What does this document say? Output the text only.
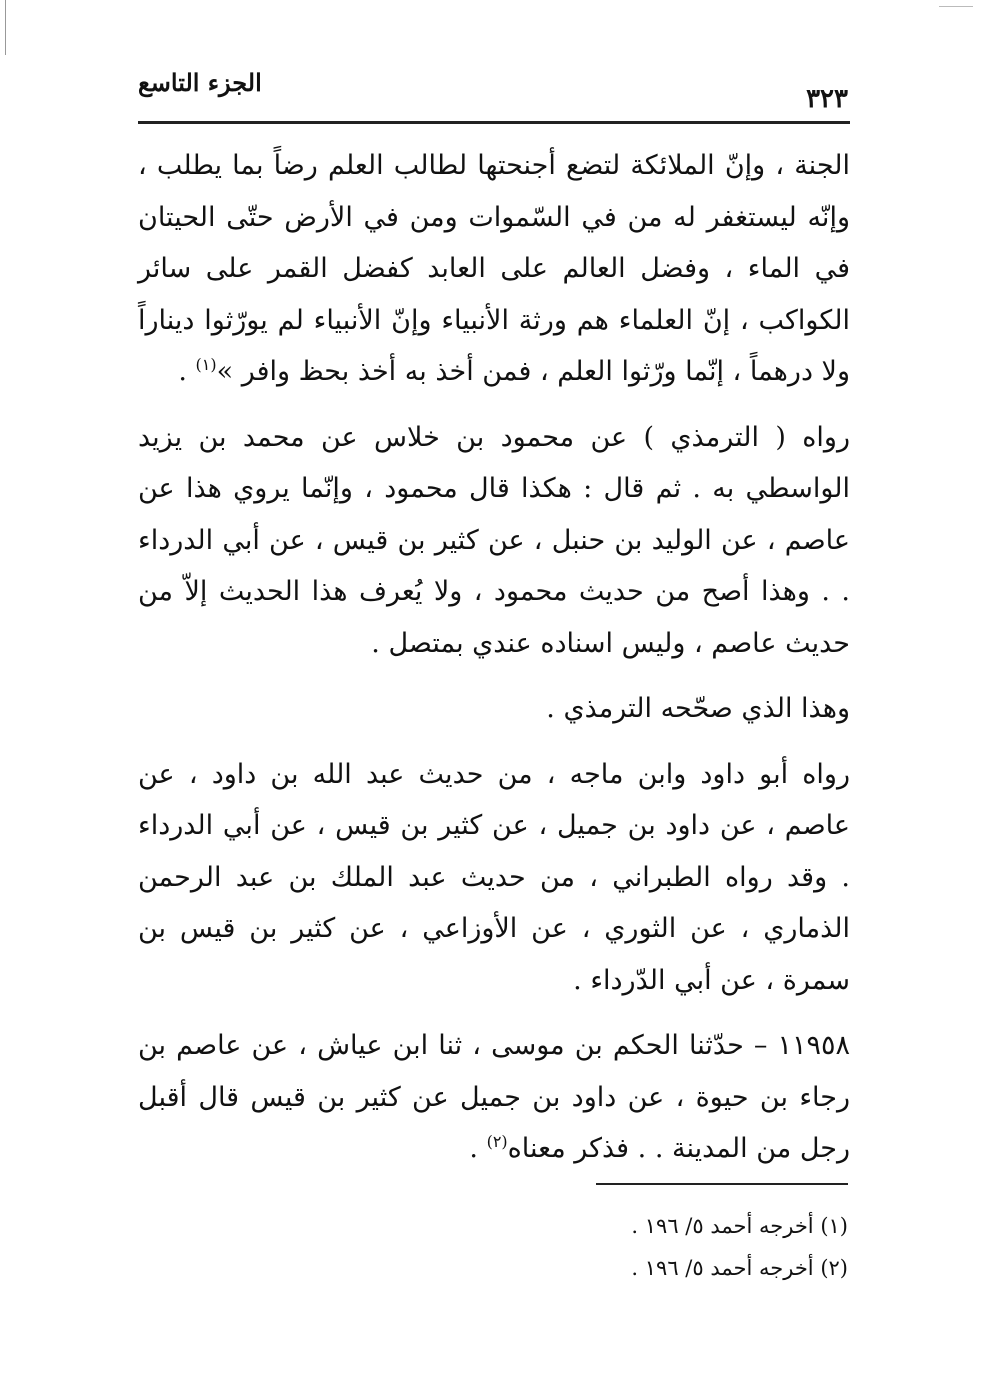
الجزء التاسع
٣٢٣

الجنة ، وإنّ الملائكة لتضع أجنحتها لطالب العلم رضاً بما يطلب ، وإنّه ليستغفر له من في السّموات ومن في الأرض حتّى الحيتان في الماء ، وفضل العالم على العابد كفضل القمر على سائر الكواكب ، إنّ العلماء هم ورثة الأنبياء وإنّ الأنبياء لم يورّثوا ديناراً ولا درهماً ، إنّما ورّثوا العلم ، فمن أخذ به أخذ بحظ وافر »$^{(١)}$ .

رواه ( الترمذي ) عن محمود بن خلاس عن محمد بن يزيد الواسطي به . ثم قال : هكذا قال محمود ، وإنّما يروي هذا عن عاصم ، عن الوليد بن حنبل ، عن كثير بن قيس ، عن أبي الدرداء . . وهذا أصح من حديث محمود ، ولا يُعرف هذا الحديث إلاّ من حديث عاصم ، وليس اسناده عندي بمتصل .

وهذا الذي صحّحه الترمذي .

رواه أبو داود وابن ماجه ، من حديث عبد الله بن داود ، عن عاصم ، عن داود بن جميل ، عن كثير بن قيس ، عن أبي الدرداء . وقد رواه الطبراني ، من حديث عبد الملك بن عبد الرحمن الذماري ، عن الثوري ، عن الأوزاعي ، عن كثير بن قيس بن سمرة ، عن أبي الدّرداء .

١١٩٥٨ – حدّثنا الحكم بن موسى ، ثنا ابن عياش ، عن عاصم بن رجاء بن حيوة ، عن داود بن جميل عن كثير بن قيس قال أقبل رجل من المدينة . . فذكر معناه$^{(٢)}$ .

(١) أخرجه أحمد ٥/ ١٩٦ .
(٢) أخرجه أحمد ٥/ ١٩٦ .
